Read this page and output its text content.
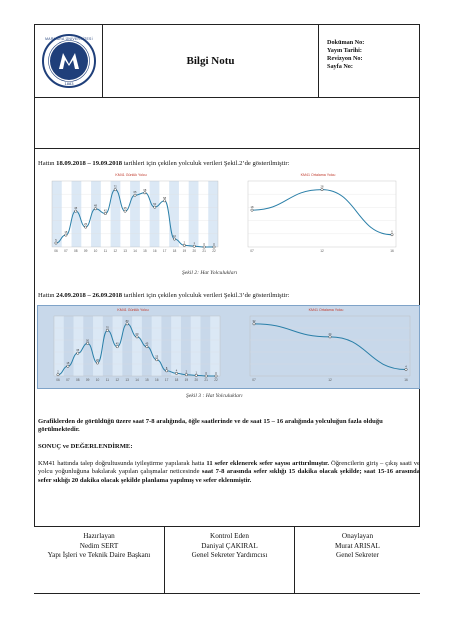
1883
MARMARA ÜNİVERSİTESİ
Bilgi Notu
Doküman No:
Yayın Tarihi:
Revizyon No:
Sayfa No:
Hattın 18.09.2018 – 19.09.2018 tarihleri için çekilen yolculuk verileri Şekil.2’de gösterilmiştir:
KM41 Günlük Yolcu
06
5
07
15
08
45
09
25
10
48
11
42
12
72
13
45
14
65
15
68
16
50
17
58
18
10
19
2
20
1
21
0
22
0
KM41 Ortalama Yolcu
07
18
12
28
16
6
Şekil 2: Hat Yolculukları
Hattın 24.09.2018 – 26.09.2018 tarihleri için çekilen yolculuk verileri Şekil.3’de gösterilmiştir:
KM41 Günlük Yolcu
06
2
07
15
08
35
09
50
10
20
11
70
12
45
13
80
14
60
15
45
16
25
17
8
18
4
19
2
20
1
21
0
22
0
KM41 Ortalama Yolcu
07
32
12
24
16
4
Şekil 3 : Hat Yolculukları
Grafiklerden de görüldüğü üzere saat 7-8 aralığında, öğle saatlerinde ve de saat 15 – 16 aralığında yolculuğun fazla olduğu görülmektedir.
SONUÇ ve DEĞERLENDİRME:
KM41 hattında talep doğrultusunda iyileştirme yapılarak hatta 11 sefer eklenerek sefer sayısı arttırılmıştır. Öğrencilerin giriş – çıkış saati ve yolcu yoğunluğuna bakılarak yapılan çalışmalar neticesinde saat 7-8 arasında sefer sıklığı 15 dakika olacak şekilde; saat 15-16 arasında sefer sıklığı 20 dakika olacak şekilde planlama yapılmış ve sefer eklenmiştir.
Hazırlayan
Nedim SERT
Yapı İşleri ve Teknik Daire Başkanı
Kontrol Eden
Daniyal ÇAKIRAL
Genel Sekreter Yardımcısı
Onaylayan
Murat ARISAL
Genel Sekreter
